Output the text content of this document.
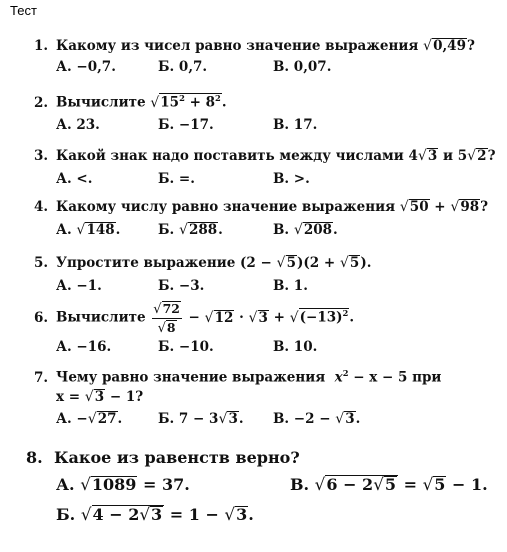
Тест
1. Какому из чисел равно значение выражения √0,49?
А. −0,7.	Б. 0,7.	В. 0,07.
2. Вычислите $√15^2 + 8^2$.
А. 23.	Б. −17.	В. 17.
3. Какой знак надо поставить между числами 4√3 и 5√2?
А. <.	Б. =.	В. >.
4. Какому числу равно значение выражения √50 + √98?
А. √148.	Б. √288.	В. √208.
5. Упростите выражение (2 − √5)(2 + √5).
А. −1.	Б. −3.	В. 1.
6. Вычислите $\frac{√72}{√8} - √12 \cdot √3 + √(-13)^2$.
А. −16.	Б. −10.	В. 10.
7. Чему равно значение выражения $x^2 - x - 5$ при
x = √3 − 1?
А. −√27.	Б. 7 − 3√3. В. −2 − √3.
8. Какое из равенств верно?
А. √1089 = 37.	В. √6 − 2√5 = √5 − 1.
Б. √4 − 2√3 = 1 − √3.
